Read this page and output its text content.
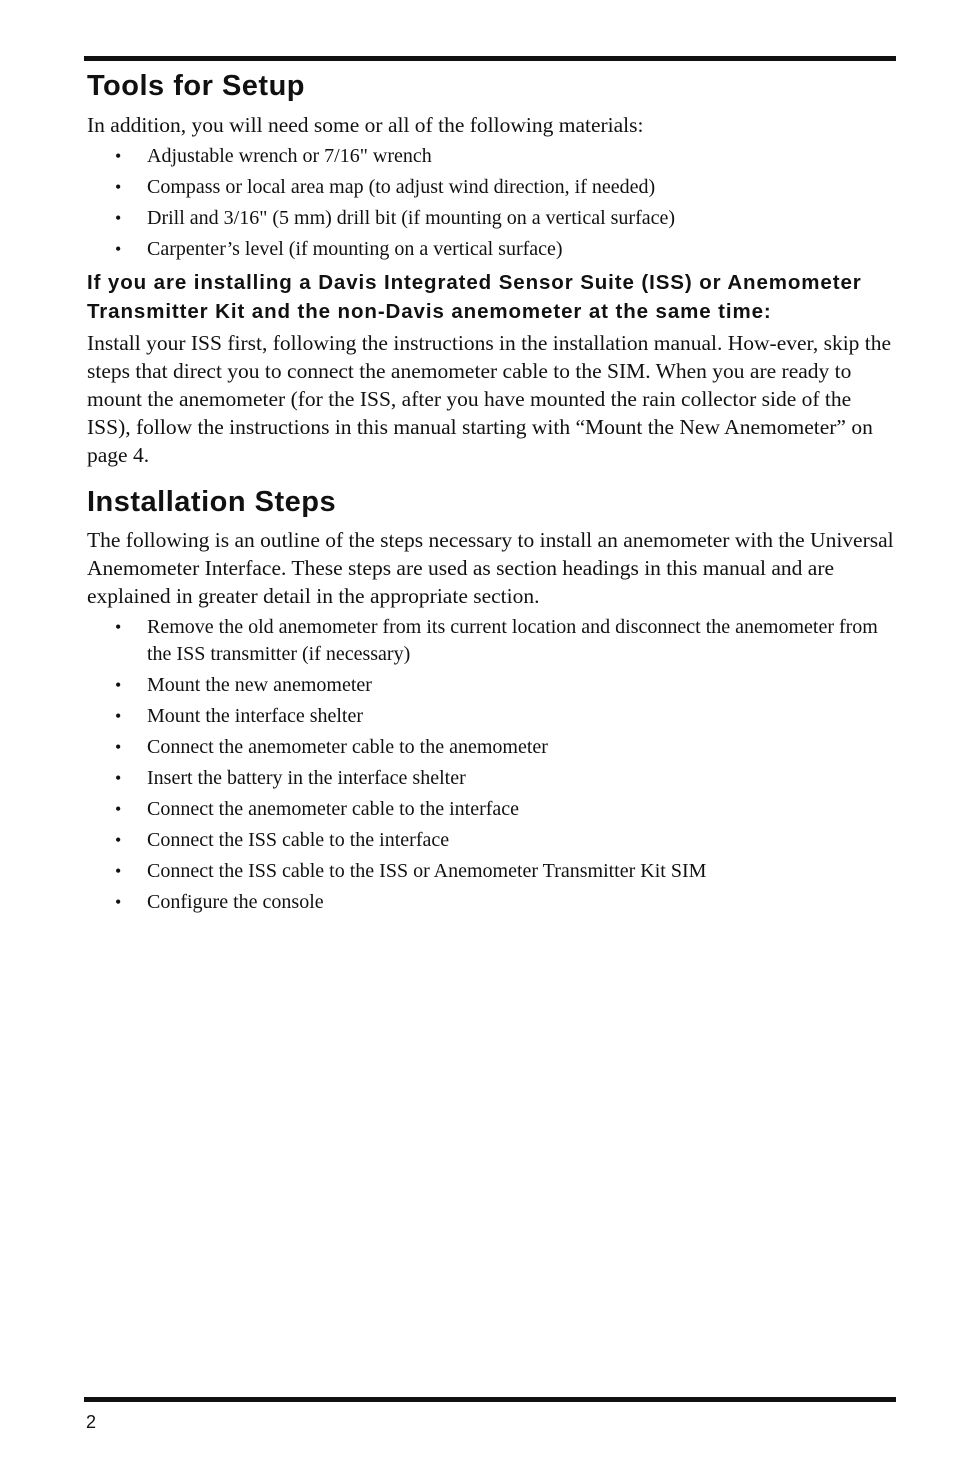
Tools for Setup

In addition, you will need some or all of the following materials:

• Adjustable wrench or 7/16" wrench
• Compass or local area map (to adjust wind direction, if needed)
• Drill and 3/16" (5 mm) drill bit (if mounting on a vertical surface)
• Carpenter’s level (if mounting on a vertical surface)
If you are installing a Davis Integrated Sensor Suite (ISS) or Anemometer Transmitter Kit and the non-Davis anemometer at the same time:

Install your ISS first, following the instructions in the installation manual. How-ever, skip the steps that direct you to connect the anemometer cable to the SIM. When you are ready to mount the anemometer (for the ISS, after you have mounted the rain collector side of the ISS), follow the instructions in this manual starting with “Mount the New Anemometer” on page 4.

Installation Steps

The following is an outline of the steps necessary to install an anemometer with the Universal Anemometer Interface. These steps are used as section headings in this manual and are explained in greater detail in the appropriate section.

• Remove the old anemometer from its current location and disconnect the anemometer from the ISS transmitter (if necessary)
• Mount the new anemometer
• Mount the interface shelter
• Connect the anemometer cable to the anemometer
• Insert the battery in the interface shelter
• Connect the anemometer cable to the interface
• Connect the ISS cable to the interface
• Connect the ISS cable to the ISS or Anemometer Transmitter Kit SIM
• Configure the console
2
